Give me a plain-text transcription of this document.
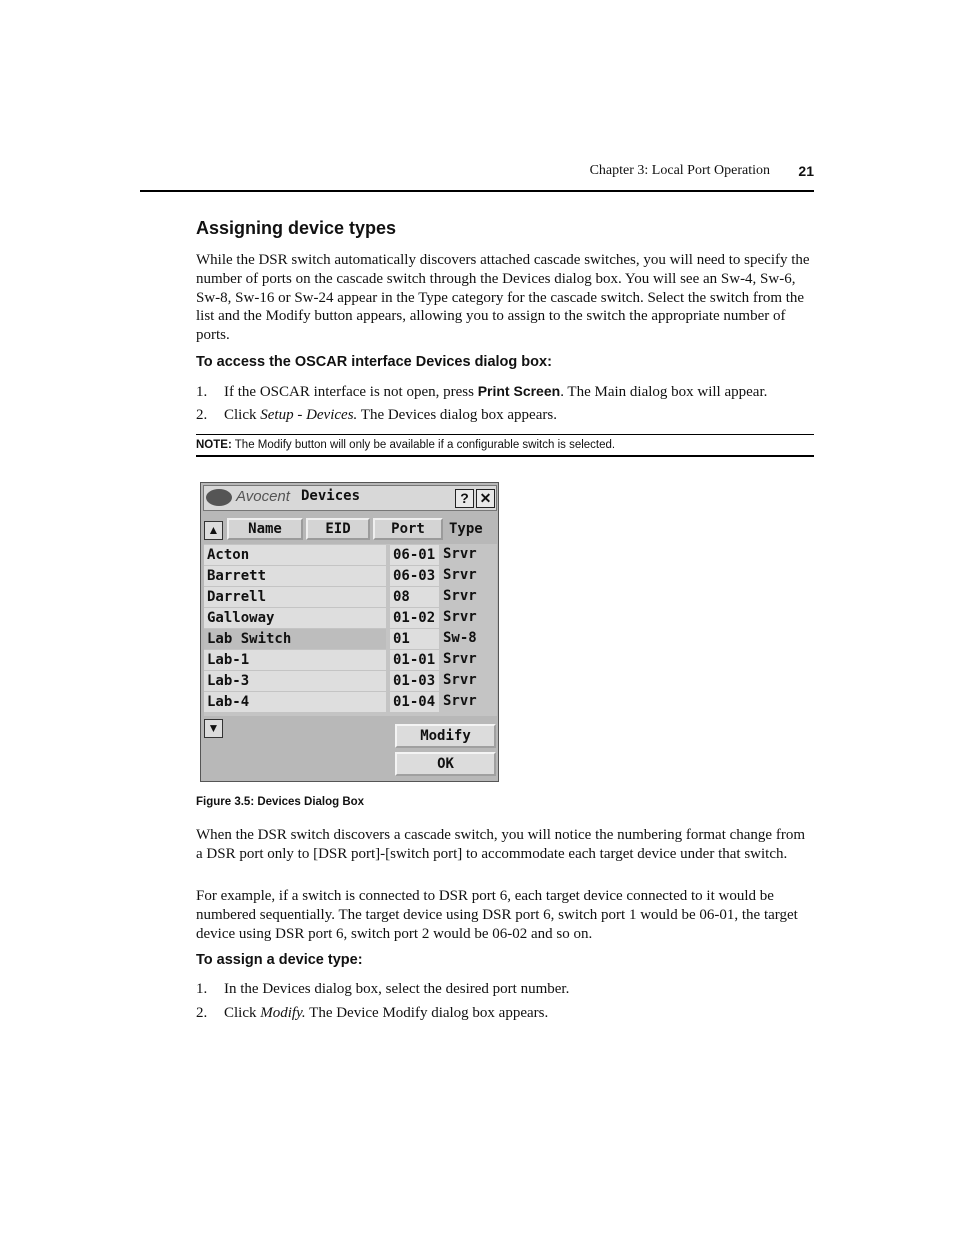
Chapter 3: Local Port Operation	21
Assigning device types
While the DSR switch automatically discovers attached cascade switches, you will need to specify the number of ports on the cascade switch through the Devices dialog box. You will see an Sw-4, Sw-6, Sw-8, Sw-16 or Sw-24 appear in the Type category for the cascade switch. Select the switch from the list and the Modify button appears, allowing you to assign to the switch the appropriate number of ports.
To access the OSCAR interface Devices dialog box:
1. If the OSCAR interface is not open, press Print Screen. The Main dialog box will appear.
2. Click Setup - Devices. The Devices dialog box appears.
NOTE: The Modify button will only be available if a configurable switch is selected.
Avocent Devices	? ✕
▲	Name	EID	Port	Type
Acton	06-01 Srvr
Barrett	06-03 Srvr
Darrell	08	Srvr
Galloway	01-02 Srvr
Lab Switch	01	Sw-8
Lab-1	01-01 Srvr
Lab-3	01-03 Srvr
Lab-4	01-04 Srvr
▼	Modify
OK
Figure 3.5: Devices Dialog Box
When the DSR switch discovers a cascade switch, you will notice the numbering format change from a DSR port only to [DSR port]-[switch port] to accommodate each target device under that switch.
For example, if a switch is connected to DSR port 6, each target device connected to it would be numbered sequentially. The target device using DSR port 6, switch port 1 would be 06-01, the target device using DSR port 6, switch port 2 would be 06-02 and so on.
To assign a device type:
1. In the Devices dialog box, select the desired port number.
2. Click Modify. The Device Modify dialog box appears.
